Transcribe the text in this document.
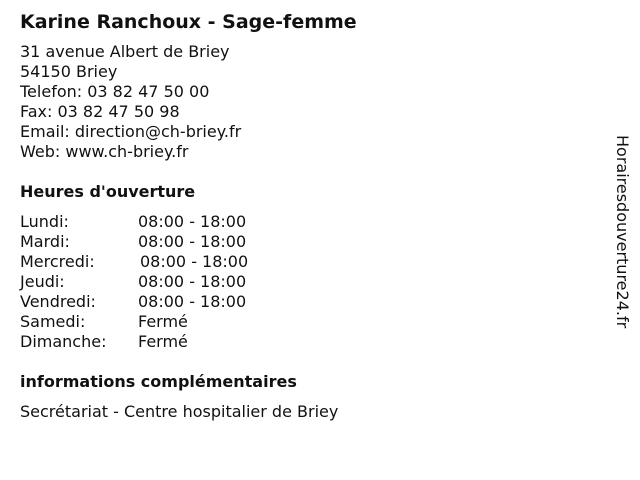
Karine Ranchoux - Sage-femme
31 avenue Albert de Briey
54150 Briey
Telefon: 03 82 47 50 00
Fax: 03 82 47 50 98
Email: direction@ch-briey.fr
Web: www.ch-briey.fr
Heures d'ouverture
Lundi:	08:00 - 18:00
Mardi:	08:00 - 18:00
Mercredi:	08:00 - 18:00
Jeudi:	08:00 - 18:00
Vendredi:	08:00 - 18:00
Samedi:	Fermé
Dimanche:	Fermé
informations complémentaires
Secrétariat - Centre hospitalier de Briey
Horairesdouverture24.fr
